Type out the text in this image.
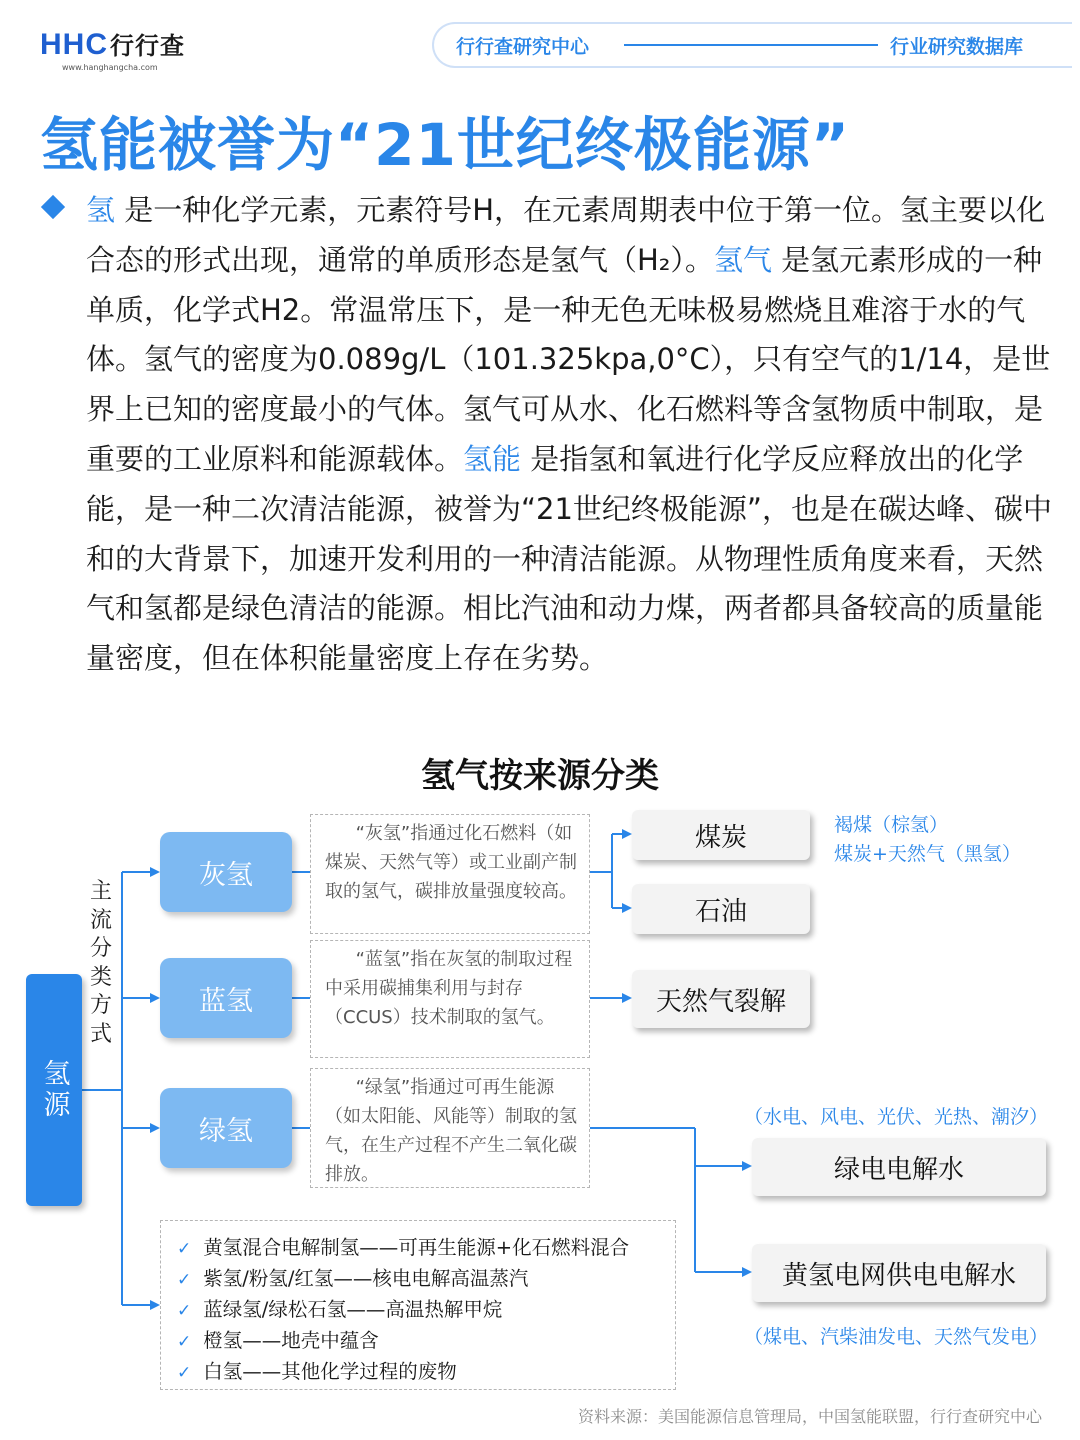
HHC行行查
www.hanghangcha.com
行行查研究中心	行业研究数据库
氢能被誉为“21世纪终极能源”
氢 是一种化学元素，元素符号H，在元素周期表中位于第一位。氢主要以化合态的形式出现，通常的单质形态是氢气（H₂）。氢气 是氢元素形成的一种单质，化学式H2。常温常压下，是一种无色无味极易燃烧且难溶于水的气体。氢气的密度为0.089g/L（101.325kpa,0°C），只有空气的1/14，是世界上已知的密度最小的气体。氢气可从水、化石燃料等含氢物质中制取，是重要的工业原料和能源载体。氢能 是指氢和氧进行化学反应释放出的化学能，是一种二次清洁能源，被誉为“21世纪终极能源”，也是在碳达峰、碳中和的大背景下，加速开发利用的一种清洁能源。从物理性质角度来看，天然气和氢都是绿色清洁的能源。相比汽油和动力煤，两者都具备较高的质量能量密度，但在体积能量密度上存在劣势。
氢气按来源分类
氢源
主流分类方式
灰氢
蓝氢
绿氢
“灰氢”指通过化石燃料（如煤炭、天然气等）或工业副产制取的氢气，碳排放量强度较高。
“蓝氢”指在灰氢的制取过程中采用碳捕集利用与封存（CCUS）技术制取的氢气。
“绿氢”指通过可再生能源（如太阳能、风能等）制取的氢气，在生产过程不产生二氧化碳排放。
煤炭
石油
天然气裂解
绿电电解水
黄氢电网供电电解水
褐煤（棕氢）
煤炭+天然气（黑氢）
（水电、风电、光伏、光热、潮汐）
（煤电、汽柴油发电、天然气发电）
✓ 黄氢混合电解制氢——可再生能源+化石燃料混合
✓ 紫氢/粉氢/红氢——核电电解高温蒸汽
✓ 蓝绿氢/绿松石氢——高温热解甲烷
✓ 橙氢——地壳中蕴含
✓ 白氢——其他化学过程的废物
资料来源：美国能源信息管理局，中国氢能联盟，行行查研究中心
